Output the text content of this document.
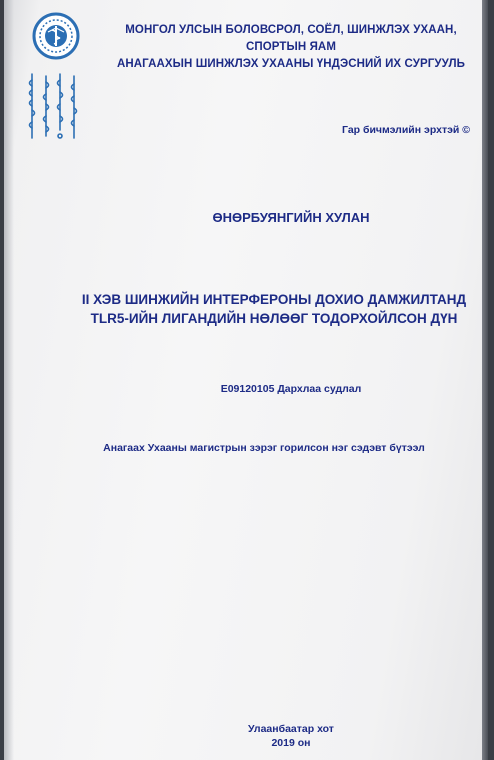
МОНГОЛ УЛСЫН БОЛОВСРОЛ, СОЁЛ, ШИНЖЛЭХ УХААН, СПОРТЫН ЯАМ
АНАГААХЫН ШИНЖЛЭХ УХААНЫ ҮНДЭСНИЙ ИХ СУРГУУЛЬ
Гар бичмэлийн эрхтэй ©
ӨНӨРБУЯНГИЙН ХУЛАН
II ХЭВ ШИНЖИЙН ИНТЕРФЕРОНЫ ДОХИО ДАМЖИЛТАНД
TLR5-ИЙН ЛИГАНДИЙН НӨЛӨӨГ ТОДОРХОЙЛСОН ДҮН
E09120105 Дархлаа судлал
Анагаах Ухааны магистрын зэрэг горилсон нэг сэдэвт бүтээл
Улаанбаатар хот
2019 он
